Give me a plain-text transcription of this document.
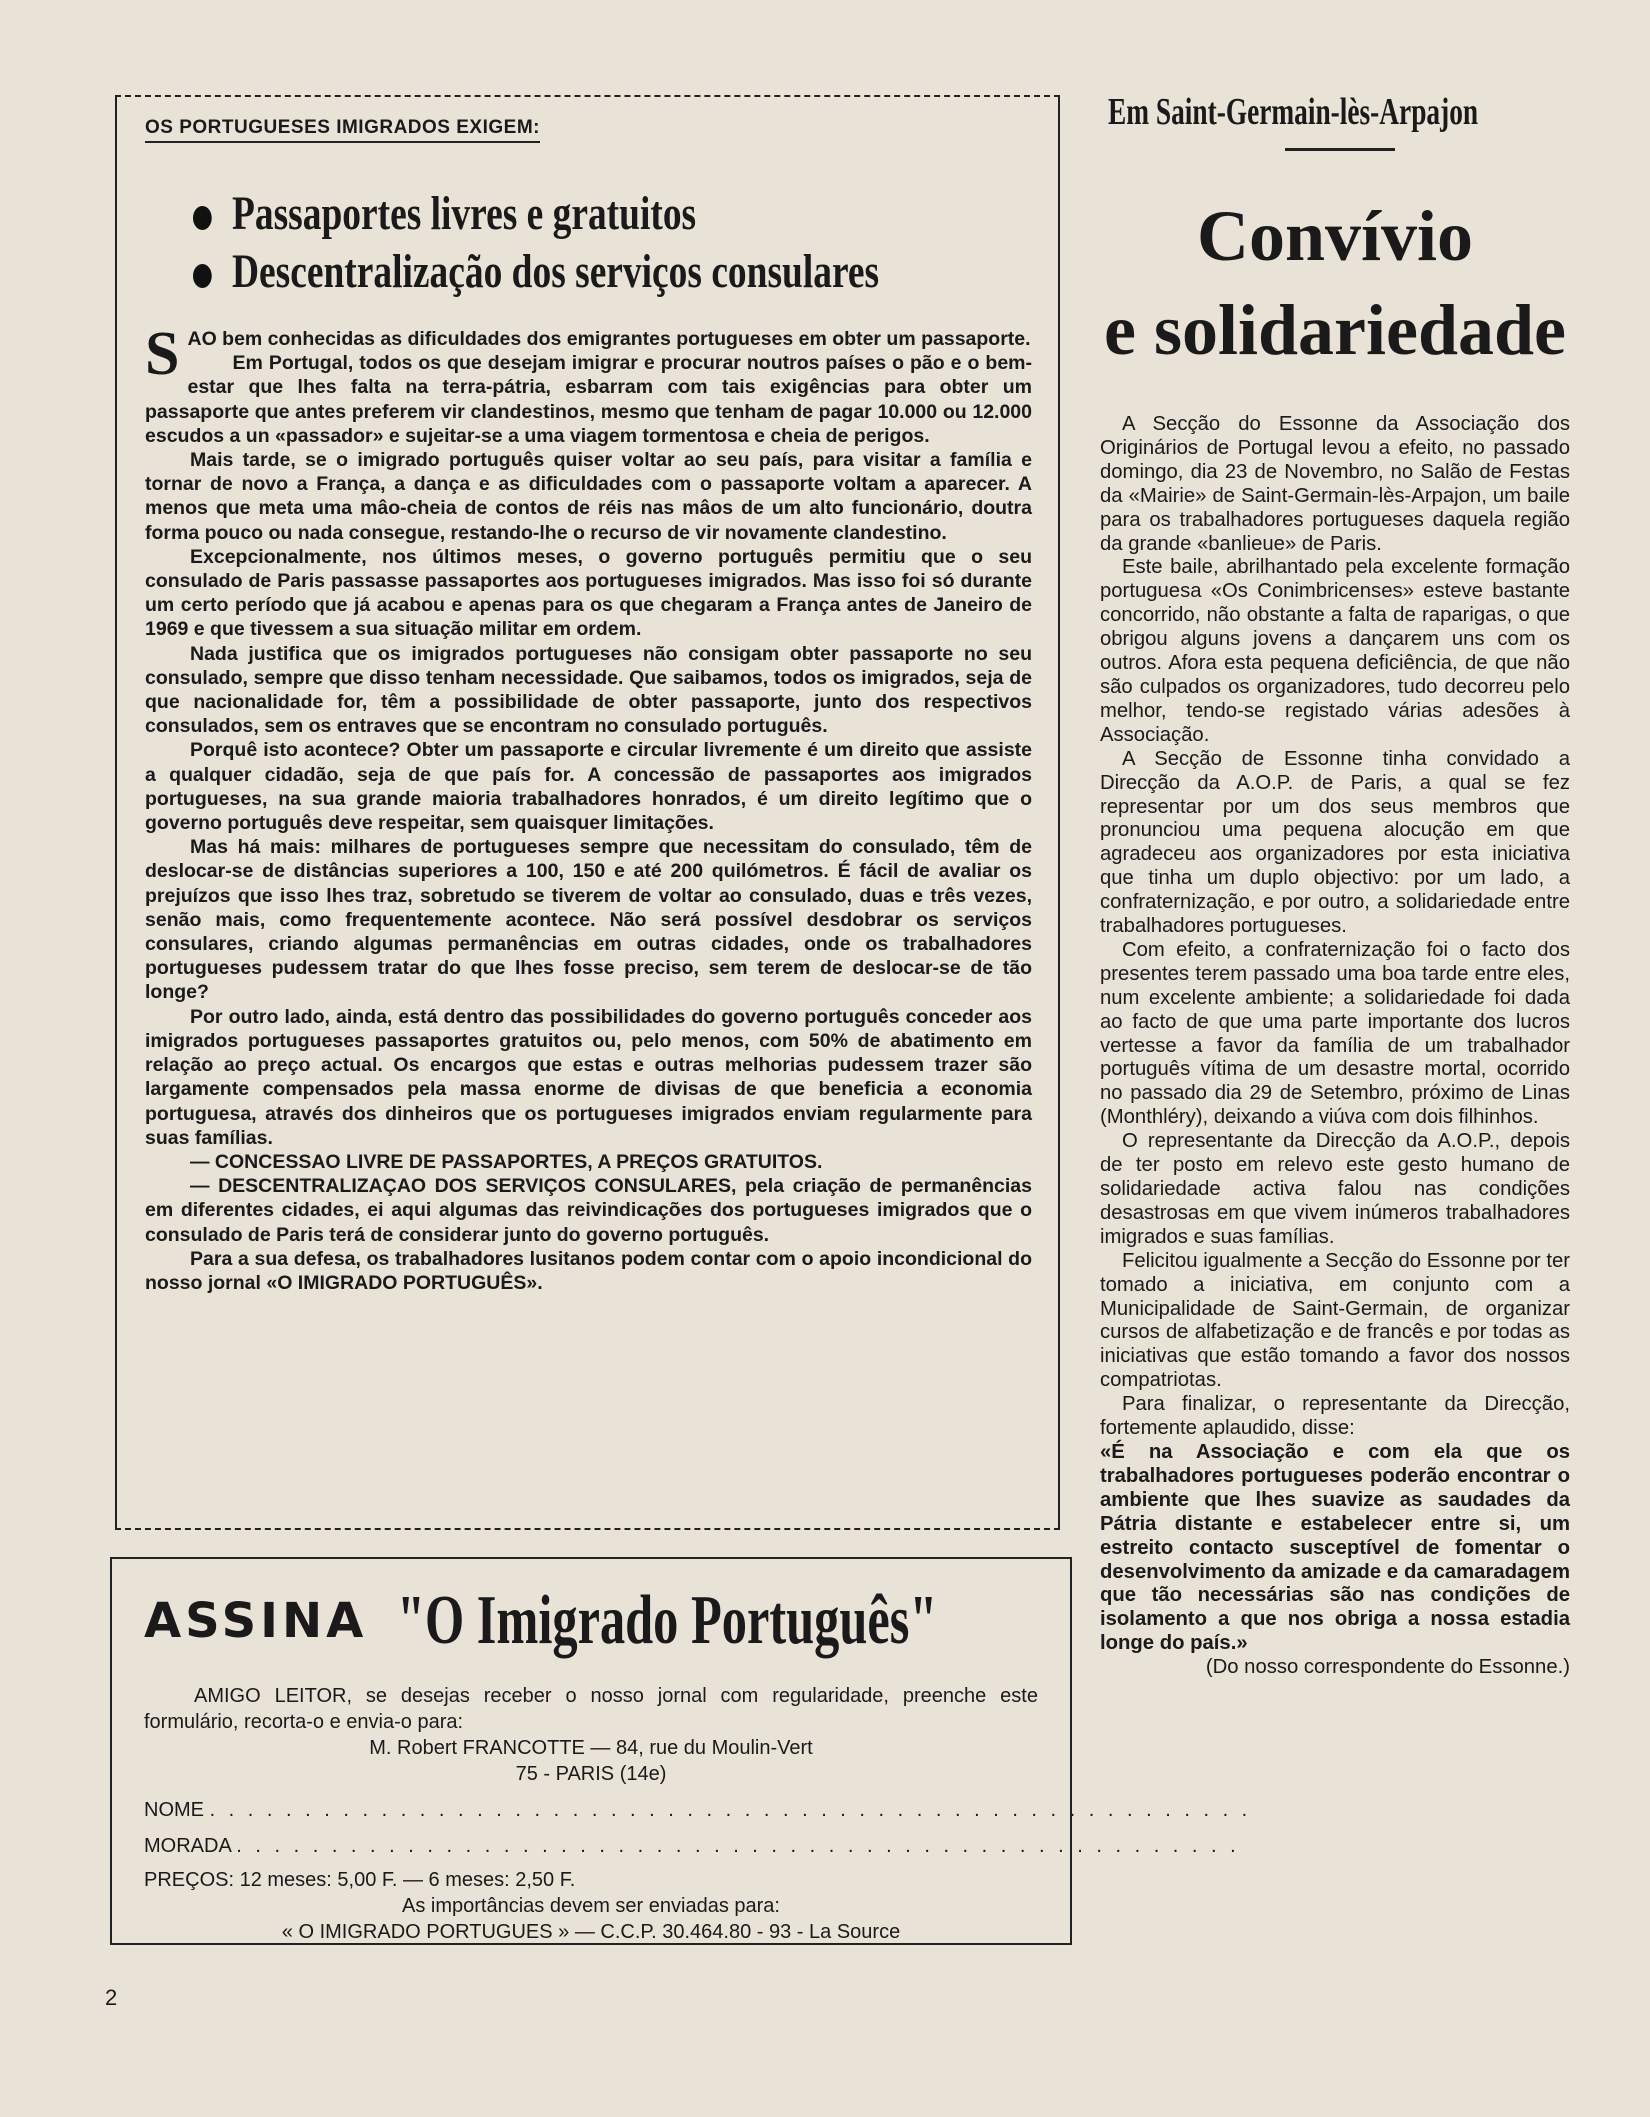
OS PORTUGUESES IMIGRADOS EXIGEM:
Passaportes livres e gratuitos
Descentralização dos serviços consulares

SAO bem conhecidas as dificuldades dos emigrantes portugueses em obter um passaporte.

Em Portugal, todos os que desejam imigrar e procurar noutros países o pão e o bem-estar que lhes falta na terra-pátria, esbarram com tais exigências para obter um passaporte que antes preferem vir clandestinos, mesmo que tenham de pagar 10.000 ou 12.000 escudos a un «passador» e sujeitar-se a uma viagem tormentosa e cheia de perigos.

Mais tarde, se o imigrado português quiser voltar ao seu país, para visitar a família e tornar de novo a França, a dança e as dificuldades com o passaporte voltam a aparecer. A menos que meta uma mâo-cheia de contos de réis nas mâos de um alto funcionário, doutra forma pouco ou nada consegue, restando-lhe o recurso de vir novamente clandestino.

Excepcionalmente, nos últimos meses, o governo português permitiu que o seu consulado de Paris passasse passaportes aos portugueses imigrados. Mas isso foi só durante um certo período que já acabou e apenas para os que chegaram a França antes de Janeiro de 1969 e que tivessem a sua situação militar em ordem.

Nada justifica que os imigrados portugueses não consigam obter passaporte no seu consulado, sempre que disso tenham necessidade. Que saibamos, todos os imigrados, seja de que nacionalidade for, têm a possibilidade de obter passaporte, junto dos respectivos consulados, sem os entraves que se encontram no consulado português.

Porquê isto acontece? Obter um passaporte e circular livremente é um direito que assiste a qualquer cidadão, seja de que país for. A concessão de passaportes aos imigrados portugueses, na sua grande maioria trabalhadores honrados, é um direito legítimo que o governo português deve respeitar, sem quaisquer limitações.

Mas há mais: milhares de portugueses sempre que necessitam do consulado, têm de deslocar-se de distâncias superiores a 100, 150 e até 200 quilómetros. É fácil de avaliar os prejuízos que isso lhes traz, sobretudo se tiverem de voltar ao consulado, duas e três vezes, senão mais, como frequentemente acontece. Não será possível desdobrar os serviços consulares, criando algumas permanências em outras cidades, onde os trabalhadores portugueses pudessem tratar do que lhes fosse preciso, sem terem de deslocar-se de tão longe?

Por outro lado, ainda, está dentro das possibilidades do governo português conceder aos imigrados portugueses passaportes gratuitos ou, pelo menos, com 50% de abatimento em relação ao preço actual. Os encargos que estas e outras melhorias pudessem trazer são largamente compensados pela massa enorme de divisas de que beneficia a economia portuguesa, através dos dinheiros que os portugueses imigrados enviam regularmente para suas famílias.

— CONCESSAO LIVRE DE PASSAPORTES, A PREÇOS GRATUITOS.

— DESCENTRALIZAÇAO DOS SERVIÇOS CONSULARES, pela criação de permanências em diferentes cidades, ei aqui algumas das reivindicações dos portugueses imigrados que o consulado de Paris terá de considerar junto do governo português.

Para a sua defesa, os trabalhadores lusitanos podem contar com o apoio incondicional do nosso jornal «O IMIGRADO PORTUGUÊS».

ASSINA "O Imigrado Português"

AMIGO LEITOR, se desejas receber o nosso jornal com regularidade, preenche este formulário, recorta-o e envia-o para:

M. Robert FRANCOTTE — 84, rue du Moulin-Vert

75 - PARIS (14e)

NOME . . . . . . . . . . . . . . . . . . . . . . . . . . . . . . . . . . . . . . . . . . . . . . . . . . . . . . .

MORADA . . . . . . . . . . . . . . . . . . . . . . . . . . . . . . . . . . . . . . . . . . . . . . . . . . . . .

PREÇOS: 12 meses: 5,00 F. — 6 meses: 2,50 F.

As importâncias devem ser enviadas para:

« O IMIGRADO PORTUGUES » — C.C.P. 30.464.80 - 93 - La Source

Em Saint-Germain-lès-Arpajon
Convívio
e solidariedade

A Secção do Essonne da Associação dos Originários de Portugal levou a efeito, no passado domingo, dia 23 de Novembro, no Salão de Festas da «Mairie» de Saint-Germain-lès-Arpajon, um baile para os trabalhadores portugueses daquela região da grande «banlieue» de Paris.

Este baile, abrilhantado pela excelente formação portuguesa «Os Conimbricenses» esteve bastante concorrido, não obstante a falta de raparigas, o que obrigou alguns jovens a dançarem uns com os outros. Afora esta pequena deficiência, de que não são culpados os organizadores, tudo decorreu pelo melhor, tendo-se registado várias adesões à Associação.

A Secção de Essonne tinha convidado a Direcção da A.O.P. de Paris, a qual se fez representar por um dos seus membros que pronunciou uma pequena alocução em que agradeceu aos organizadores por esta iniciativa que tinha um duplo objectivo: por um lado, a confraternização, e por outro, a solidariedade entre trabalhadores portugueses.

Com efeito, a confraternização foi o facto dos presentes terem passado uma boa tarde entre eles, num excelente ambiente; a solidariedade foi dada ao facto de que uma parte importante dos lucros vertesse a favor da família de um trabalhador português vítima de um desastre mortal, ocorrido no passado dia 29 de Setembro, próximo de Linas (Monthléry), deixando a viúva com dois filhinhos.

O representante da Direcção da A.O.P., depois de ter posto em relevo este gesto humano de solidariedade activa falou nas condições desastrosas em que vivem inúmeros trabalhadores imigrados e suas famílias.

Felicitou igualmente a Secção do Essonne por ter tomado a iniciativa, em conjunto com a Municipalidade de Saint-Germain, de organizar cursos de alfabetização e de francês e por todas as iniciativas que estão tomando a favor dos nossos compatriotas.

Para finalizar, o representante da Direcção, fortemente aplaudido, disse:

«É na Associação e com ela que os trabalhadores portugueses poderão encontrar o ambiente que lhes suavize as saudades da Pátria distante e estabelecer entre si, um estreito contacto susceptível de fomentar o desenvolvimento da amizade e da camaradagem que tão necessárias são nas condições de isolamento a que nos obriga a nossa estadia longe do país.»

(Do nosso correspondente do Essonne.)

2
